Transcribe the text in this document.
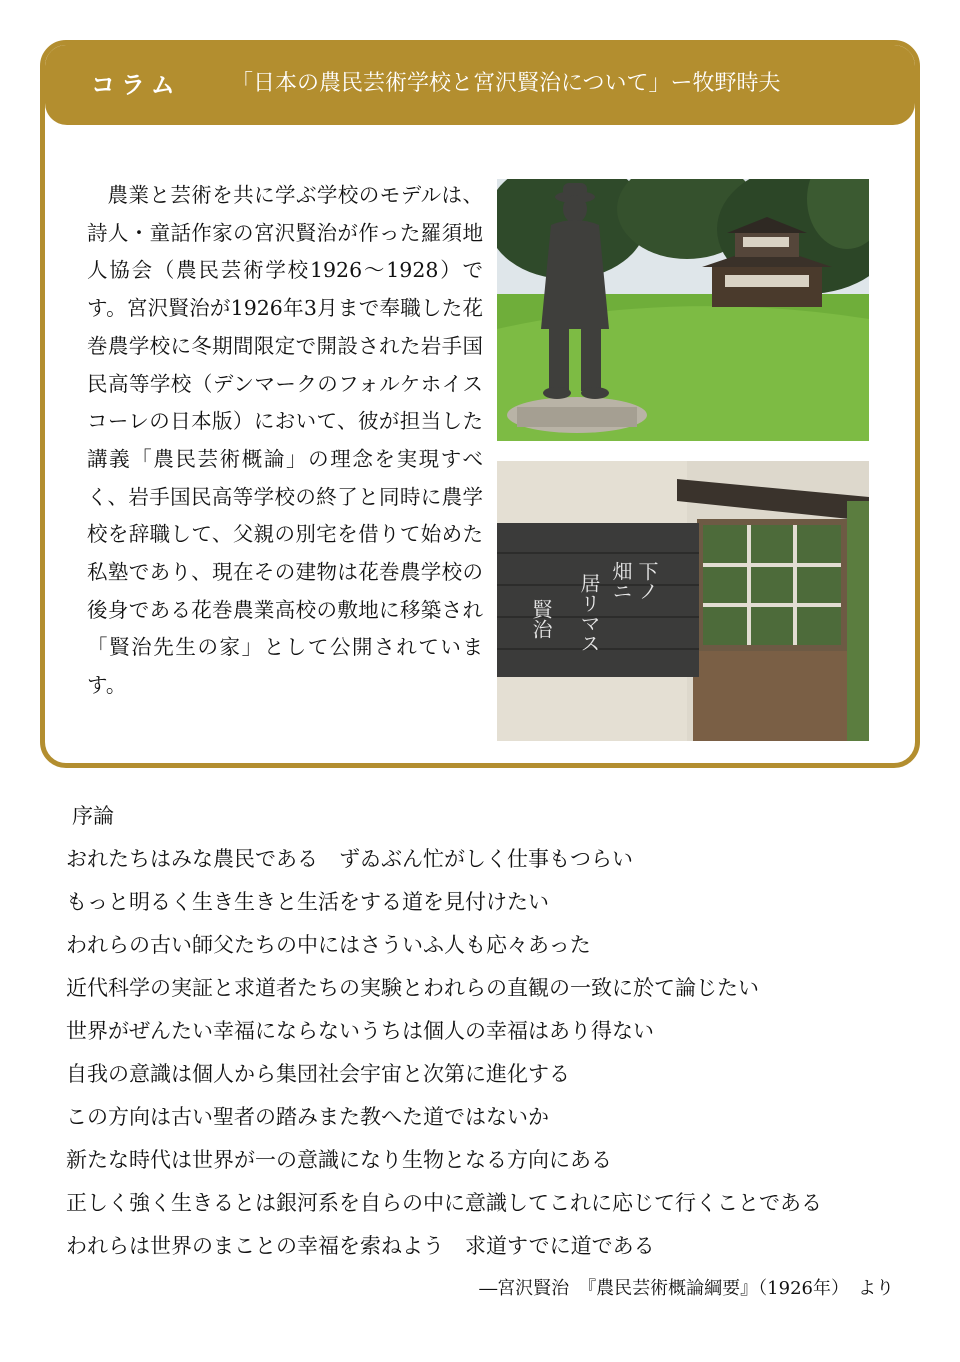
コラム 「日本の農民芸術学校と宮沢賢治について」ー牧野時夫

農業と芸術を共に学ぶ学校のモデルは、詩人・童話作家の宮沢賢治が作った羅須地人協会（農民芸術学校1926〜1928）です。宮沢賢治が1926年3月まで奉職した花巻農学校に冬期間限定で開設された岩手国民高等学校（デンマークのフォルケホイスコーレの日本版）において、彼が担当した講義「農民芸術概論」の理念を実現すべく、岩手国民高等学校の終了と同時に農学校を辞職して、父親の別宅を借りて始めた私塾であり、現在その建物は花巻農学校の後身である花巻農業高校の敷地に移築され「賢治先生の家」として公開されています。

下ノ
畑ニ
居リマス
賢治

序論

おれたちはみな農民である　ずゐぶん忙がしく仕事もつらい

もっと明るく生き生きと生活をする道を見付けたい

われらの古い師父たちの中にはさういふ人も応々あった

近代科学の実証と求道者たちの実験とわれらの直観の一致に於て論じたい

世界がぜんたい幸福にならないうちは個人の幸福はあり得ない

自我の意識は個人から集団社会宇宙と次第に進化する

この方向は古い聖者の踏みまた教へた道ではないか

新たな時代は世界が一の意識になり生物となる方向にある

正しく強く生きるとは銀河系を自らの中に意識してこれに応じて行くことである

われらは世界のまことの幸福を索ねよう　求道すでに道である

―宮沢賢治　『農民芸術概論綱要』（1926年）　より
